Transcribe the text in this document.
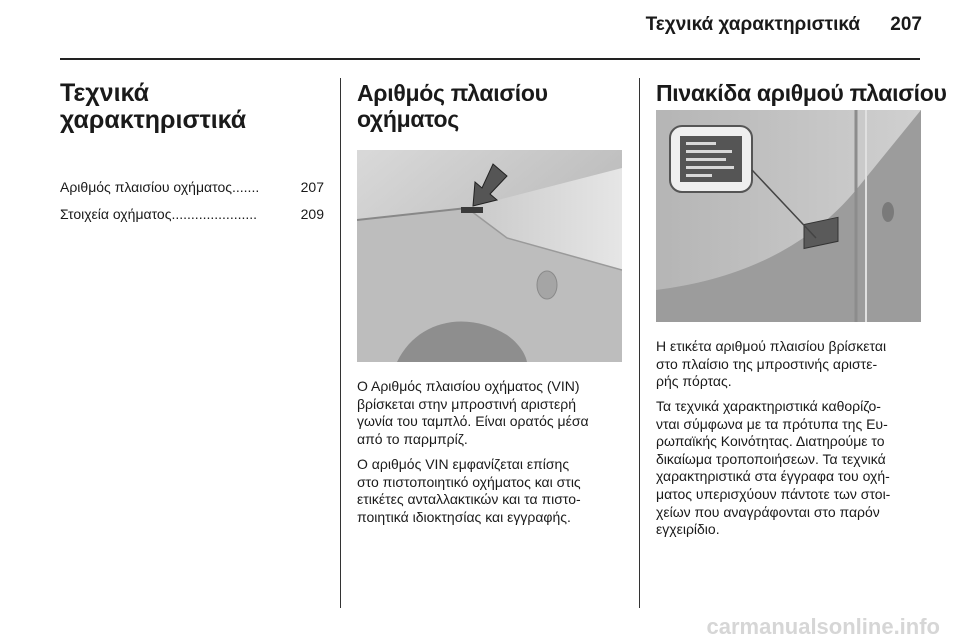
Τεχνικά χαρακτηριστικά	207
Τεχνικά
χαρακτηριστικά
Αριθμός πλαισίου οχήματος .......	207
Στοιχεία οχήματος ......................	209
Αριθμός πλαισίου
οχήματος

Ο Αριθμός πλαισίου οχήματος (VIN)
βρίσκεται στην μπροστινή αριστερή
γωνία του ταμπλό. Είναι ορατός μέσα
από το παρμπρίζ.

Ο αριθμός VIN εμφανίζεται επίσης
στο πιστοποιητικό οχήματος και στις
ετικέτες ανταλλακτικών και τα πιστο-
ποιητικά ιδιοκτησίας και εγγραφής.

Πινακίδα αριθμού πλαισίου

Η ετικέτα αριθμού πλαισίου βρίσκεται
στο πλαίσιο της μπροστινής αριστε-
ρής πόρτας.

Τα τεχνικά χαρακτηριστικά καθορίζο-
νται σύμφωνα με τα πρότυπα της Ευ-
ρωπαϊκής Κοινότητας. Διατηρούμε το
δικαίωμα τροποποιήσεων. Τα τεχνικά
χαρακτηριστικά στα έγγραφα του οχή-
ματος υπερισχύουν πάντοτε των στοι-
χείων που αναγράφονται στο παρόν
εγχειρίδιο.

carmanualsonline.info
